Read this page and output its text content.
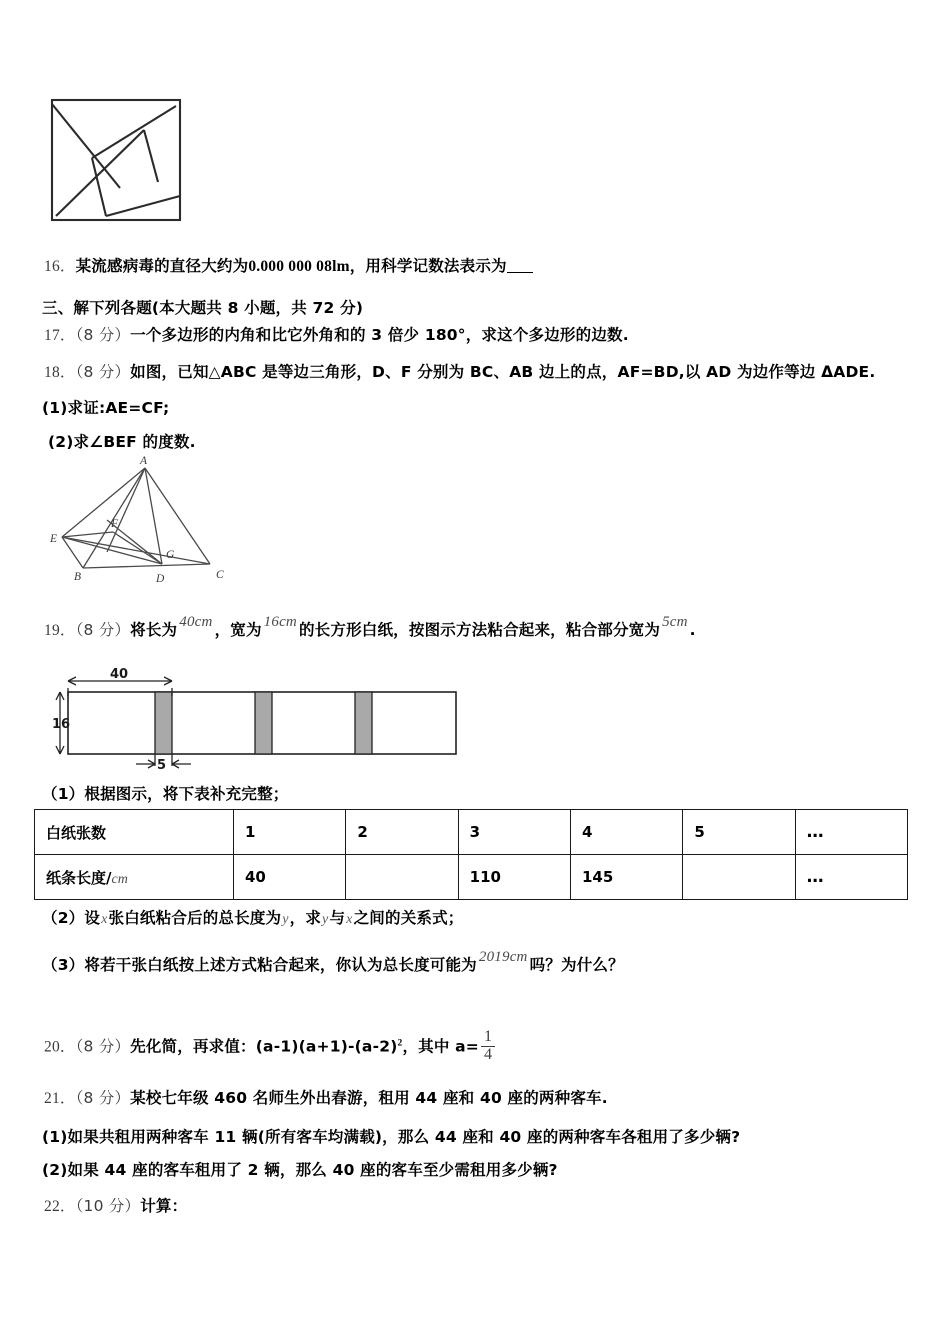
16．某流感病毒的直径大约为0.000 000 08lm，用科学记数法表示为
三、解下列各题(本大题共 8 小题，共 72 分)
17．（8 分）一个多边形的内角和比它外角和的 3 倍少 180°，求这个多边形的边数.
18．（8 分）如图，已知△ABC 是等边三角形，D、F 分别为 BC、AB 边上的点，AF=BD,以 AD 为边作等边 ΔADE.
(1)求证:AE=CF;
(2)求∠BEF 的度数.
A
E
F
G
B	D	C
19．（8 分）将长为 40cm ，宽为 16cm 的长方形白纸，按图示方法粘合起来，粘合部分宽为 5cm .
40
16
5
（1）根据图示，将下表补充完整；
白纸张数	1	2	3	4	5	…
纸条长度/cm	40		110	145		…
（2）设x张白纸粘合后的总长度为y，求y与x之间的关系式；
（3）将若干张白纸按上述方式粘合起来，你认为总长度可能为 2019cm 吗？为什么？
20．（8 分）先化简，再求值：$(a-1)(a+1)-(a-2)^2$，其中 $a= \frac{1}{4}$
21．（8 分）某校七年级 460 名师生外出春游，租用 44 座和 40 座的两种客车.
(1)如果共租用两种客车 11 辆(所有客车均满载)，那么 44 座和 40 座的两种客车各租用了多少辆?
(2)如果 44 座的客车租用了 2 辆，那么 40 座的客车至少需租用多少辆?
22．（10 分）计算：
